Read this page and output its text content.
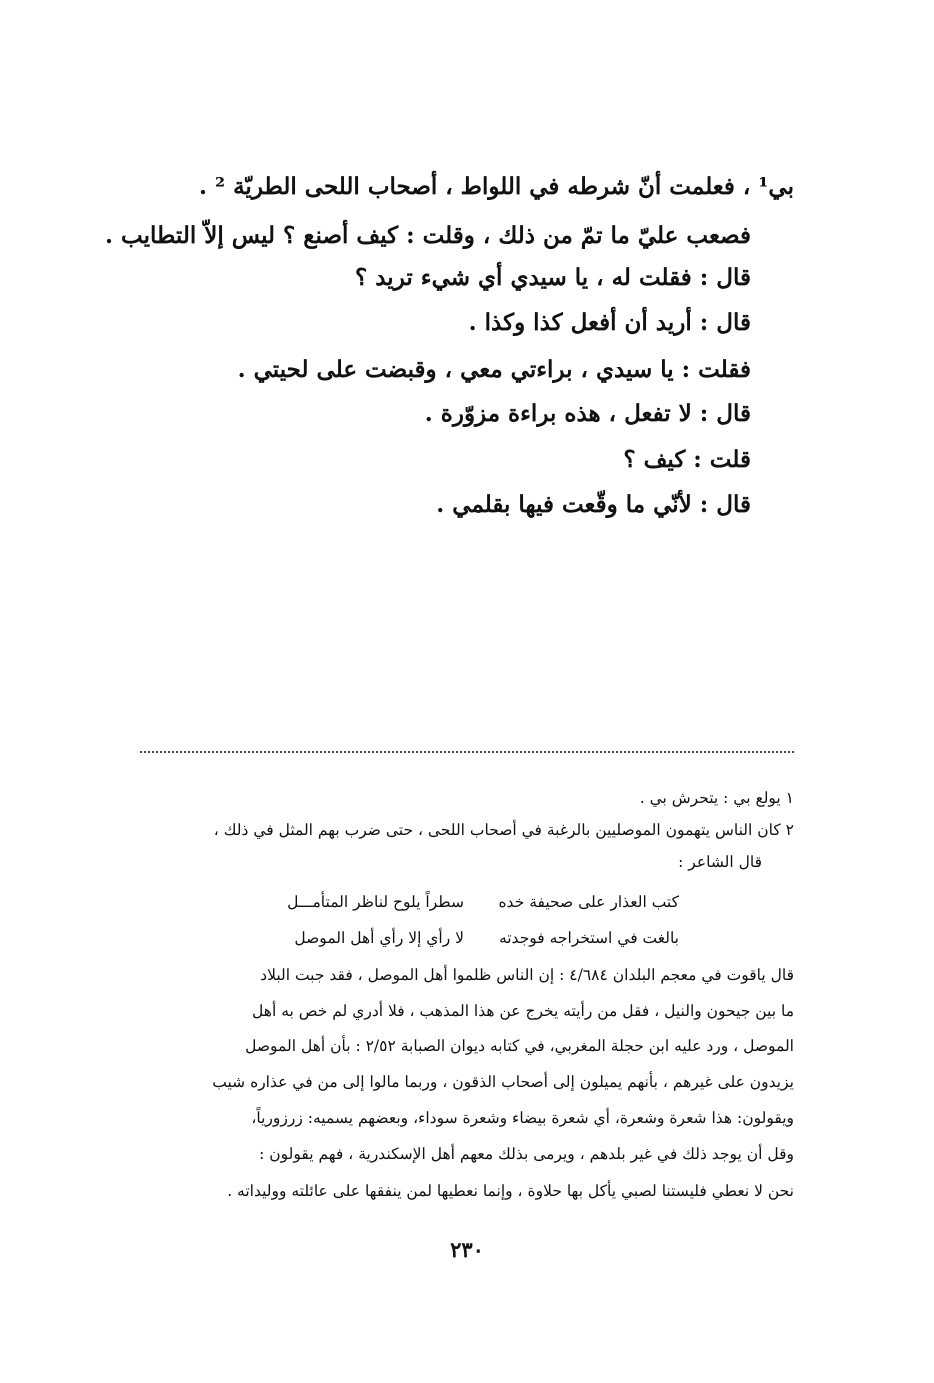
بي¹ ، فعلمت أنّ شرطه في اللواط ، أصحاب اللحى الطريّة ² .
فصعب عليّ ما تمّ من ذلك ، وقلت : كيف أصنع ؟ ليس إلاّ التطايب .
قال : فقلت له ، يا سيدي أي شيء تريد ؟
قال : أريد أن أفعل كذا وكذا .
فقلت : يا سيدي ، براءتي معي ، وقبضت على لحيتي .
قال : لا تفعل ، هذه براءة مزوّرة .
قلت : كيف ؟
قال : لأنّي ما وقّعت فيها بقلمي .
١ يولع بي : يتحرش بي .
٢ كان الناس يتهمون الموصليين بالرغبة في أصحاب اللحى ، حتى ضرب بهم المثل في ذلك ،
قال الشاعر :
كتب العذار على صحيفة خده
سطراً يلوح لناظر المتأمـــل
بالغت في استخراجه فوجدته
لا رأي إلا رأي أهل الموصل
قال ياقوت في معجم البلدان ٤/٦٨٤ : إن الناس ظلموا أهل الموصل ، فقد جبت البلاد
ما بين جيحون والنيل ، فقل من رأيته يخرج عن هذا المذهب ، فلا أدري لم خص به أهل
الموصل ، ورد عليه ابن حجلة المغربي، في كتابه ديوان الصبابة ٢/٥٢ : بأن أهل الموصل
يزيدون على غيرهم ، بأنهم يميلون إلى أصحاب الذقون ، وربما مالوا إلى من في عذاره شيب
ويقولون: هذا شعرة وشعرة، أي شعرة بيضاء وشعرة سوداء، وبعضهم يسميه: زرزورياً،
وقل أن يوجد ذلك في غير بلدهم ، ويرمى بذلك معهم أهل الإسكندرية ، فهم يقولون :
نحن لا نعطي فليستنا لصبي يأكل بها حلاوة ، وإنما نعطيها لمن ينفقها على عائلته ووليداته .
٢٣٠
